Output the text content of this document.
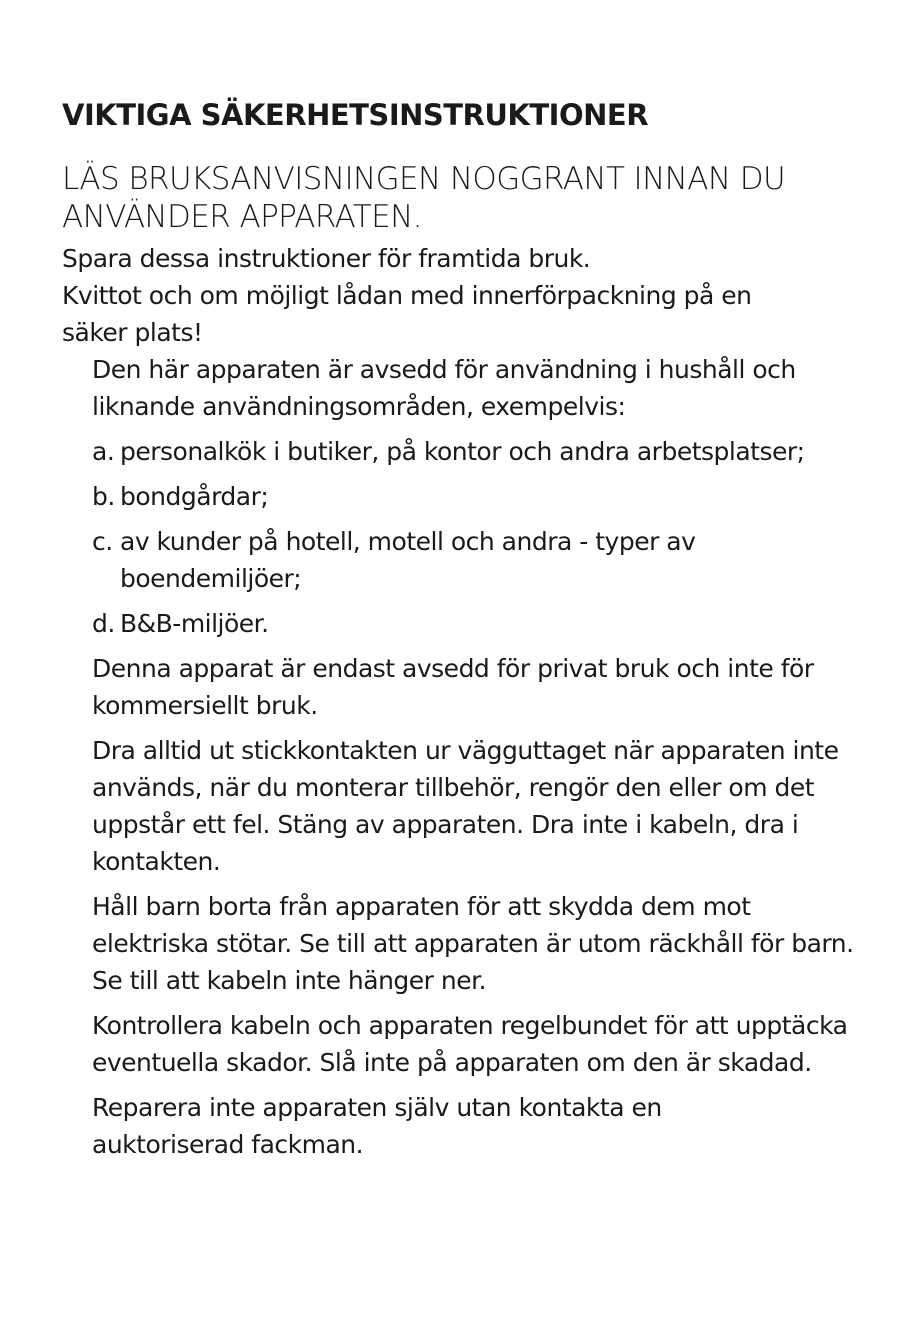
VIKTIGA SÄKERHETSINSTRUKTIONER

LÄS BRUKSANVISNINGEN NOGGRANT INNAN DU ANVÄNDER APPARATEN.

Spara dessa instruktioner för framtida bruk.

Kvittot och om möjligt lådan med innerförpackning på en säker plats!

Den här apparaten är avsedd för användning i hushåll och liknande användningsområden, exempelvis:

a. personalkök i butiker, på kontor och andra arbetsplatser;
b. bondgårdar;
c. av kunder på hotell, motell och andra - typer av boendemiljöer;
d. B&B-miljöer.

Denna apparat är endast avsedd för privat bruk och inte för kommersiellt bruk.

Dra alltid ut stickkontakten ur vägguttaget när apparaten inte används, när du monterar tillbehör, rengör den eller om det uppstår ett fel. Stäng av apparaten. Dra inte i kabeln, dra i kontakten.

Håll barn borta från apparaten för att skydda dem mot elektriska stötar. Se till att apparaten är utom räckhåll för barn. Se till att kabeln inte hänger ner.

Kontrollera kabeln och apparaten regelbundet för att upptäcka eventuella skador. Slå inte på apparaten om den är skadad.

Reparera inte apparaten själv utan kontakta en auktoriserad fackman.
